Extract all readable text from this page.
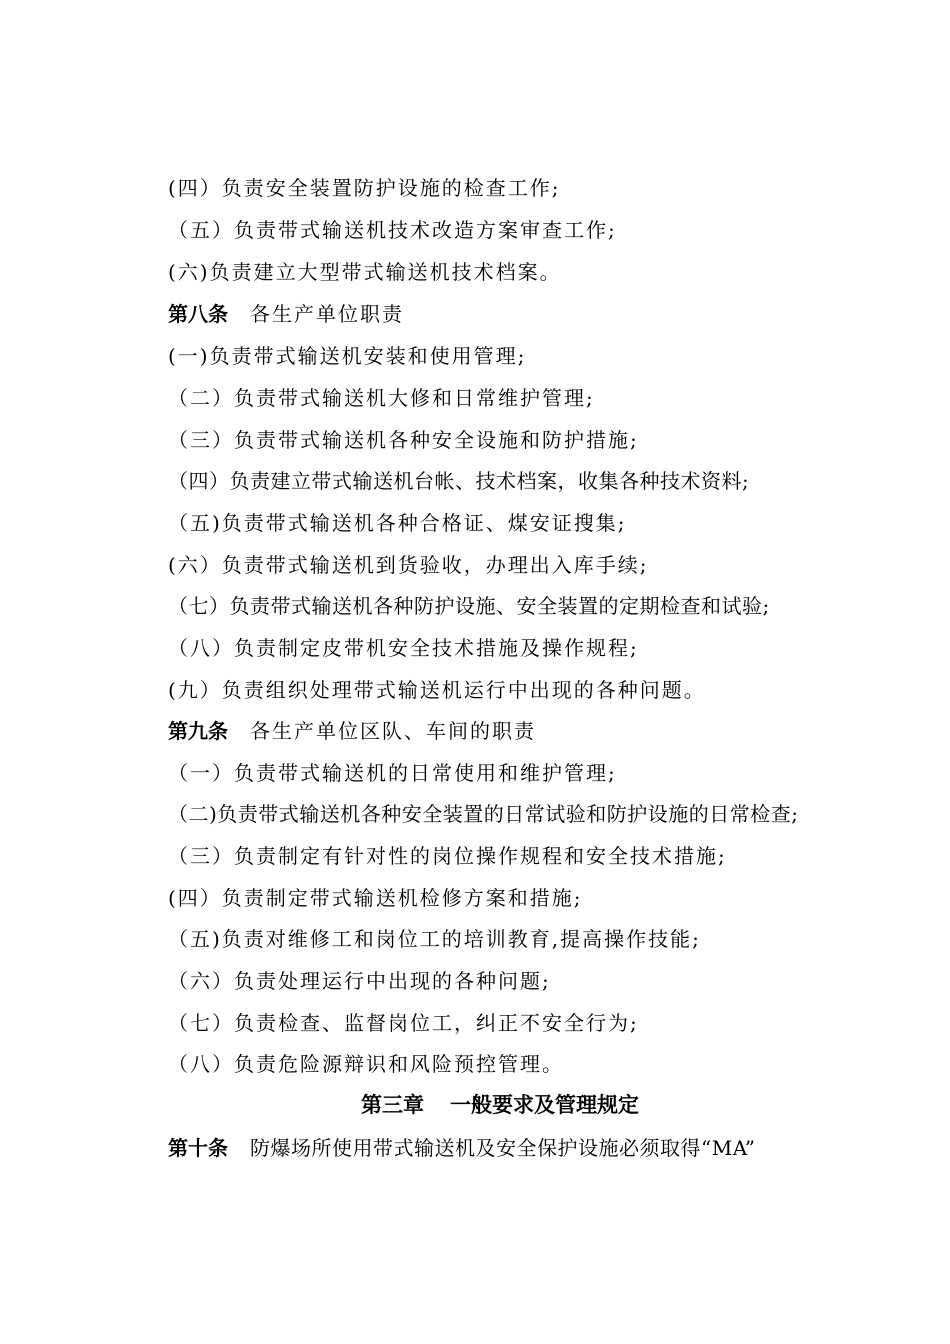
(四）负责安全装置防护设施的检查工作;
（五）负责带式输送机技术改造方案审查工作;
(六)负责建立大型带式输送机技术档案。
第八条 各生产单位职责
(一)负责带式输送机安装和使用管理;
（二）负责带式输送机大修和日常维护管理;
（三）负责带式输送机各种安全设施和防护措施;
（四）负责建立带式输送机台帐、技术档案，收集各种技术资料;
（五)负责带式输送机各种合格证、煤安证搜集;
(六）负责带式输送机到货验收，办理出入库手续;
（七）负责带式输送机各种防护设施、安全装置的定期检查和试验;
（八）负责制定皮带机安全技术措施及操作规程;
(九）负责组织处理带式输送机运行中出现的各种问题。
第九条 各生产单位区队、车间的职责
（一）负责带式输送机的日常使用和维护管理;
（二)负责带式输送机各种安全装置的日常试验和防护设施的日常检查;
（三）负责制定有针对性的岗位操作规程和安全技术措施;
(四）负责制定带式输送机检修方案和措施;
（五)负责对维修工和岗位工的培训教育,提高操作技能;
（六）负责处理运行中出现的各种问题;
（七）负责检查、监督岗位工，纠正不安全行为;
（八）负责危险源辩识和风险预控管理。
第三章 一般要求及管理规定
第十条 防爆场所使用带式输送机及安全保护设施必须取得“MA”
